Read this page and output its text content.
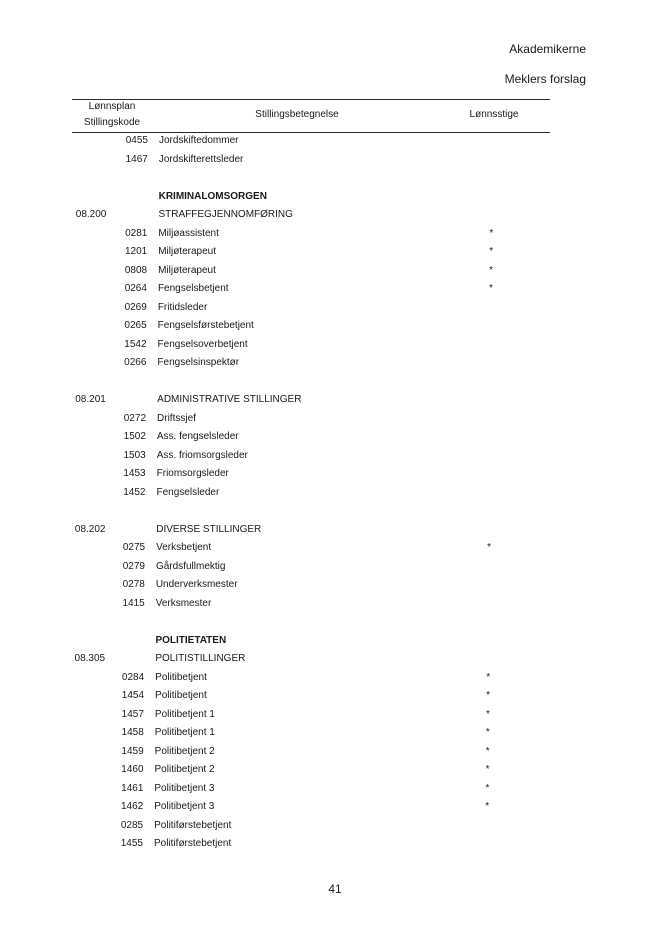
Akademikerne
Meklers forslag
Lønnsplan
Stillingskode
Stillingsbetegnelse	Lønnsstige
0455 Jordskiftedommer
1467 Jordskifterettsleder
KRIMINALOMSORGEN
08.200	STRAFFEGJENNOMFØRING
0281 Miljøassistent	*
1201 Miljøterapeut	*
0808 Miljøterapeut	*
0264 Fengselsbetjent	*
0269 Fritidsleder
0265 Fengselsførstebetjent
1542 Fengselsoverbetjent
0266 Fengselsinspektør
08.201	ADMINISTRATIVE STILLINGER
0272 Driftssjef
1502 Ass. fengselsleder
1503 Ass. friomsorgsleder
1453 Friomsorgsleder
1452 Fengselsleder
08.202	DIVERSE STILLINGER
0275 Verksbetjent	*
0279 Gårdsfullmektig
0278 Underverksmester
1415 Verksmester
POLITIETATEN
08.305	POLITISTILLINGER
0284 Politibetjent	*
1454 Politibetjent	*
1457 Politibetjent 1	*
1458 Politibetjent 1	*
1459 Politibetjent 2	*
1460 Politibetjent 2	*
1461 Politibetjent 3	*
1462 Politibetjent 3	*
0285 Politiførstebetjent
1455 Politiførstebetjent
41
